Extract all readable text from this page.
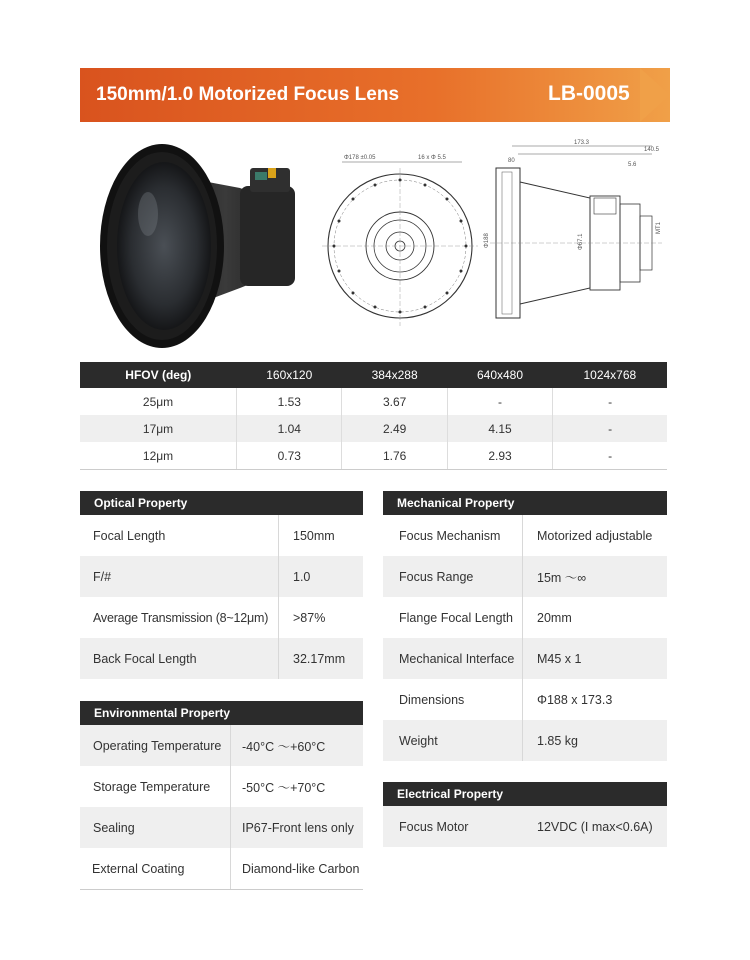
150mm/1.0 Motorized Focus Lens	LB-0005
Φ178 ±0.05	16 x Φ 5.5
173.3
140.5
80
5.6
Φ188	Φ67.1
MT1
HFOV (deg)	160x120	384x288	640x480	1024x768
25μm	1.53	3.67	-	-
17μm	1.04	2.49	4.15	-
12μm	0.73	1.76	2.93	-
Optical Property
Focal Length	150mm
F/#	1.0
Average Transmission (8~12μm)	>87%
Back Focal Length	32.17mm
Environmental Property
Operating Temperature	-40°C ～+60°C
Storage Temperature	-50°C ～+70°C
Sealing	IP67-Front lens only
External Coating	Diamond-like Carbon
Mechanical Property
Focus Mechanism	Motorized adjustable
Focus Range	15m ～∞
Flange Focal Length	20mm
Mechanical Interface	M45 x 1
Dimensions	Φ188 x 173.3
Weight	1.85 kg
Electrical Property
Focus Motor	12VDC (I max<0.6A)
